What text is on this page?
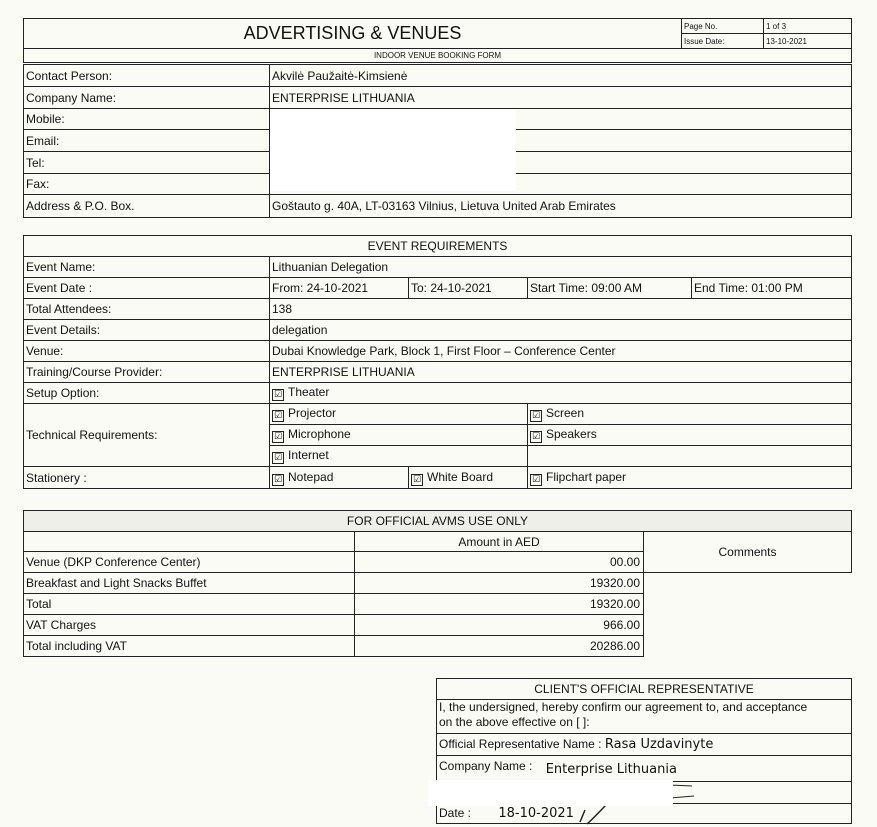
ADVERTISING & VENUES	Page No.	1 of 3
	Issue Date:	13-10-2021
INDOOR VENUE BOOKING FORM		
Contact Person:	Akvilė Paužaitė-Kimsienė
Company Name:	ENTERPRISE LITHUANIA
Mobile:	
Email:	
Tel:	
Fax:	
Address & P.O. Box.	Goštauto g. 40A, LT-03163 Vilnius, Lietuva United Arab Emirates
EVENT REQUIREMENTS				
Event Name:	Lithuanian Delegation			
Event Date :	From: 24-10-2021	To: 24-10-2021	Start Time: 09:00 AM	End Time: 01:00 PM
Total Attendees:	138			
Event Details:	delegation			
Venue:	Dubai Knowledge Park, Block 1, First Floor – Conference Center			
Training/Course Provider:	ENTERPRISE LITHUANIA			
Setup Option:	☑ Theater			
Technical Requirements:	☑ Projector		☑ Screen	
	☑ Microphone		☑ Speakers	
	☑ Internet			
Stationery :	☑ Notepad	☑ White Board	☑ Flipchart paper	
FOR OFFICIAL AVMS USE ONLY		
	Amount in AED	Comments
Venue (DKP Conference Center)	00.00	
Breakfast and Light Snacks Buffet	19320.00	
Total	19320.00	
VAT Charges	966.00	
Total including VAT	20286.00	
CLIENT'S OFFICIAL REPRESENTATIVE

I, the undersigned, hereby confirm our agreement to, and acceptance
on the above effective on [ ]:

Official Representative Name : Rasa Uzdavinyte
Company Name : Enterprise Lithuania

Date : 18-10-2021
